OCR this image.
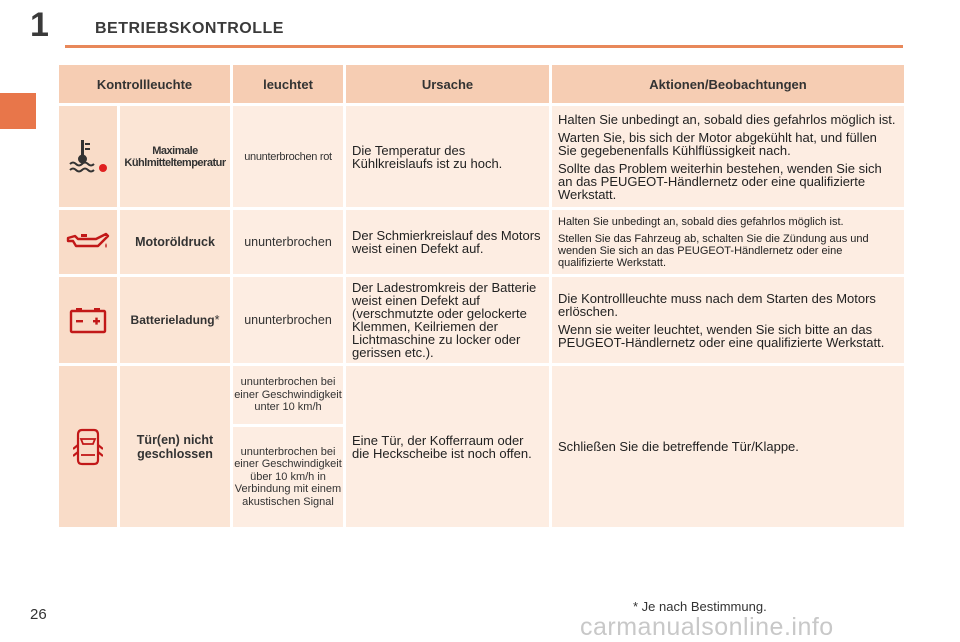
1	BETRIEBSKONTROLLE
Kontrollleuchte		leuchtet	Ursache	Aktionen/Beobachtungen

	Maximale Kühlmitteltemperatur	ununterbrochen rot	Die Temperatur des Kühlkreislaufs ist zu hoch.	Halten Sie unbedingt an, sobald dies gefahrlos möglich ist.

Warten Sie, bis sich der Motor abgekühlt hat, und füllen Sie gegebenenfalls Kühlflüssigkeit nach.

Sollte das Problem weiterhin bestehen, wenden Sie sich an das PEUGEOT-Händlernetz oder eine qualifizierte Werkstatt.

	Motoröldruck	ununterbrochen	Der Schmierkreislauf des Motors weist einen Defekt auf.	Halten Sie unbedingt an, sobald dies gefahrlos möglich ist.

Stellen Sie das Fahrzeug ab, schalten Sie die Zündung aus und wenden Sie sich an das PEUGEOT-Händlernetz oder eine qualifizierte Werkstatt.

	Batterieladung*	ununterbrochen	Der Ladestromkreis der Batterie weist einen Defekt auf (verschmutzte oder gelockerte Klemmen, Keilriemen der Lichtmaschine zu locker oder gerissen etc.).	Die Kontrollleuchte muss nach dem Starten des Motors erlöschen.

Wenn sie weiter leuchtet, wenden Sie sich bitte an das PEUGEOT-Händlernetz oder eine qualifizierte Werkstatt.

	Tür(en) nicht geschlossen	ununterbrochen bei einer Geschwindigkeit unter 10 km/h	Eine Tür, der Kofferraum oder die Heckscheibe ist noch offen.	Schließen Sie die betreffende Tür/Klappe.

		ununterbrochen bei einer Geschwindigkeit über 10 km/h in Verbindung mit einem akustischen Signal		
26	* Je nach Bestimmung.
carmanualsonline.info
